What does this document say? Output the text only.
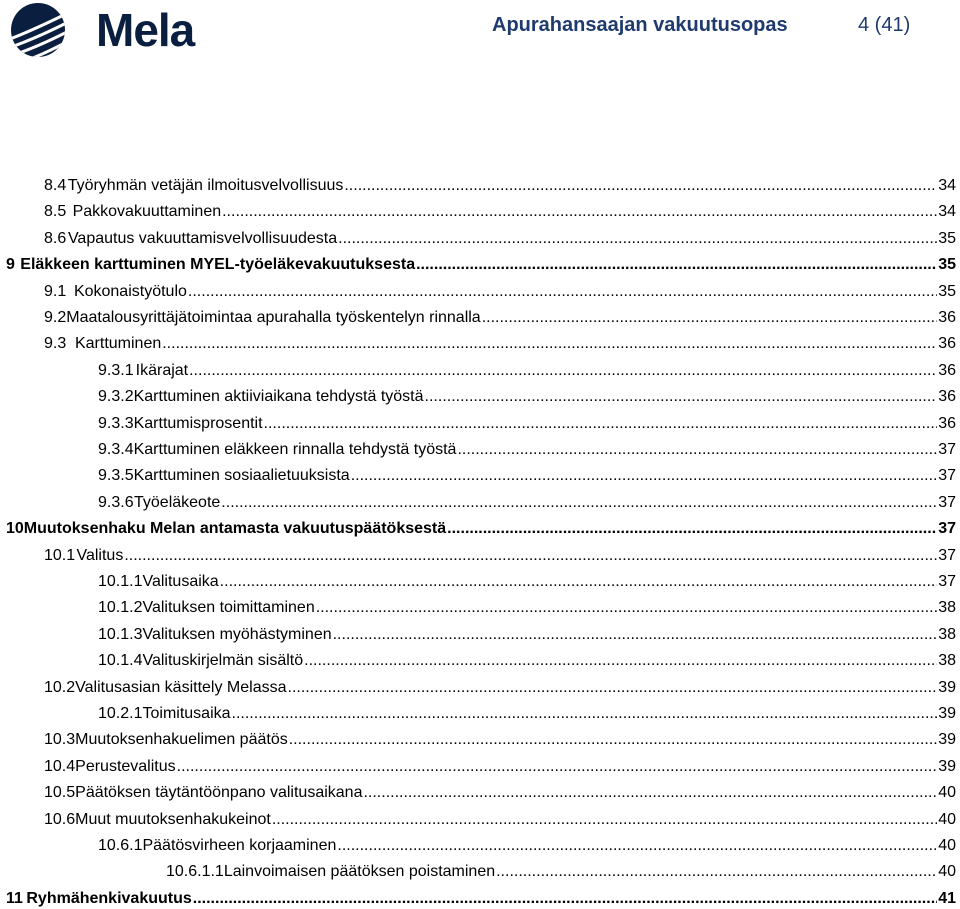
Mela	Apurahansaajan vakuutusopas	4 (41)
8.4 Työryhmän vetäjän ilmoitusvelvollisuus .....	34
8.5 Pakkovakuuttaminen .....	34
8.6 Vapautus vakuuttamisvelvollisuudesta .....	35
9 Eläkkeen karttuminen MYEL-työeläkevakuutuksesta .....	35
9.1 Kokonaistyötulo .....	35
9.2 Maatalousyrittäjätoimintaa apurahalla työskentelyn rinnalla .....	36
9.3 Karttuminen .....	36
9.3.1 Ikärajat .....	36
9.3.2 Karttuminen aktiiviaikana tehdystä työstä .....	36
9.3.3 Karttumisprosentit .....	36
9.3.4 Karttuminen eläkkeen rinnalla tehdystä työstä .....	37
9.3.5 Karttuminen sosiaalietuuksista .....	37
9.3.6 Työeläkeote .....	37
10 Muutoksenhaku Melan antamasta vakuutuspäätöksestä .....	37
10.1 Valitus .....	37
10.1.1 Valitusaika .....	37
10.1.2 Valituksen toimittaminen .....	38
10.1.3 Valituksen myöhästyminen .....	38
10.1.4 Valituskirjelmän sisältö .....	38
10.2 Valitusasian käsittely Melassa .....	39
10.2.1 Toimitusaika .....	39
10.3 Muutoksenhakuelimen päätös .....	39
10.4 Perustevalitus .....	39
10.5 Päätöksen täytäntöönpano valitusaikana .....	40
10.6 Muut muutoksenhakukeinot .....	40
10.6.1 Päätösvirheen korjaaminen .....	40
10.6.1.1 Lainvoimaisen päätöksen poistaminen .....	40
11 Ryhmähenkivakuutus .....	41
